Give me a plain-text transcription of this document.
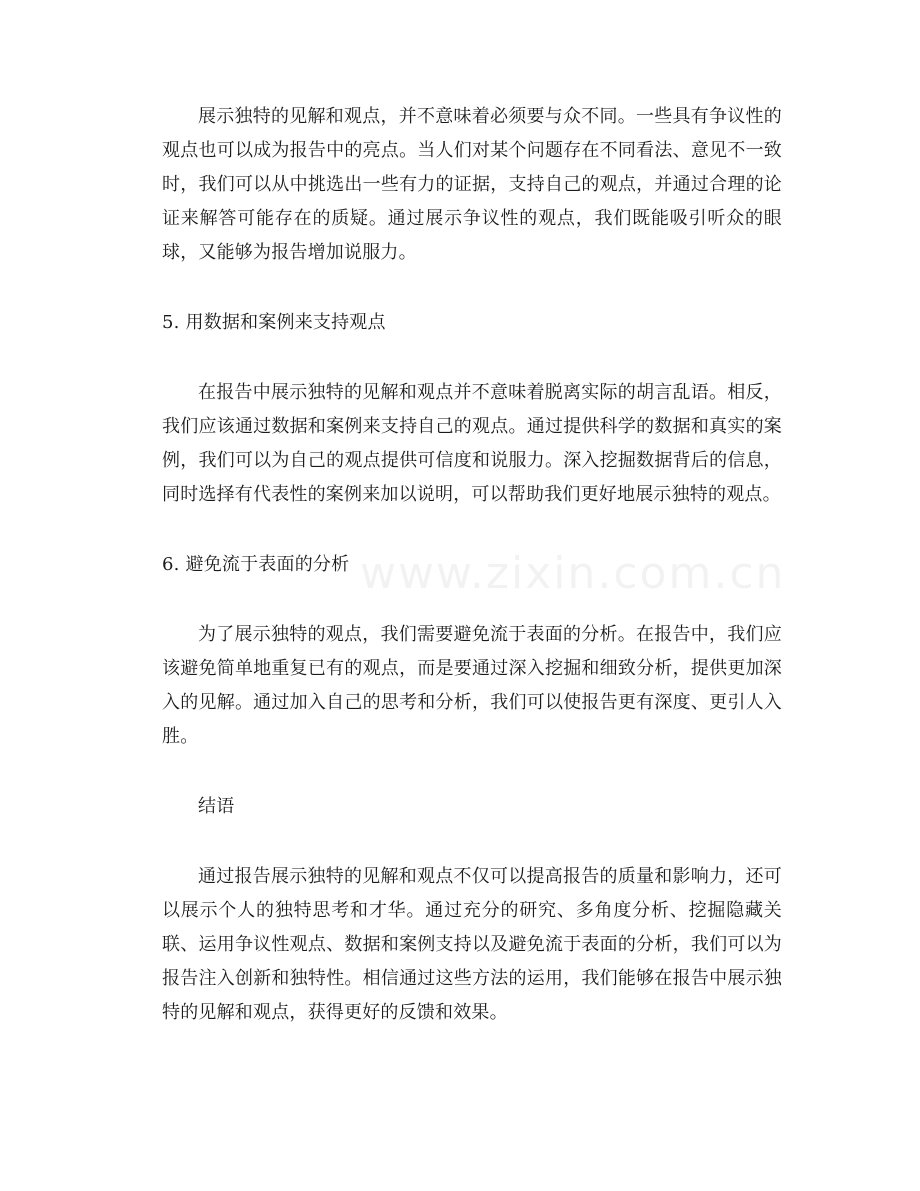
展示独特的见解和观点，并不意味着必须要与众不同。一些具有争议性的观点也可以成为报告中的亮点。当人们对某个问题存在不同看法、意见不一致时，我们可以从中挑选出一些有力的证据，支持自己的观点，并通过合理的论证来解答可能存在的质疑。通过展示争议性的观点，我们既能吸引听众的眼球，又能够为报告增加说服力。

5. 用数据和案例来支持观点

在报告中展示独特的见解和观点并不意味着脱离实际的胡言乱语。相反，我们应该通过数据和案例来支持自己的观点。通过提供科学的数据和真实的案例，我们可以为自己的观点提供可信度和说服力。深入挖掘数据背后的信息，同时选择有代表性的案例来加以说明，可以帮助我们更好地展示独特的观点。

6. 避免流于表面的分析

为了展示独特的观点，我们需要避免流于表面的分析。在报告中，我们应该避免简单地重复已有的观点，而是要通过深入挖掘和细致分析，提供更加深入的见解。通过加入自己的思考和分析，我们可以使报告更有深度、更引人入胜。

结语

通过报告展示独特的见解和观点不仅可以提高报告的质量和影响力，还可以展示个人的独特思考和才华。通过充分的研究、多角度分析、挖掘隐藏关联、运用争议性观点、数据和案例支持以及避免流于表面的分析，我们可以为报告注入创新和独特性。相信通过这些方法的运用，我们能够在报告中展示独特的见解和观点，获得更好的反馈和效果。

www.zixin.com.cn
